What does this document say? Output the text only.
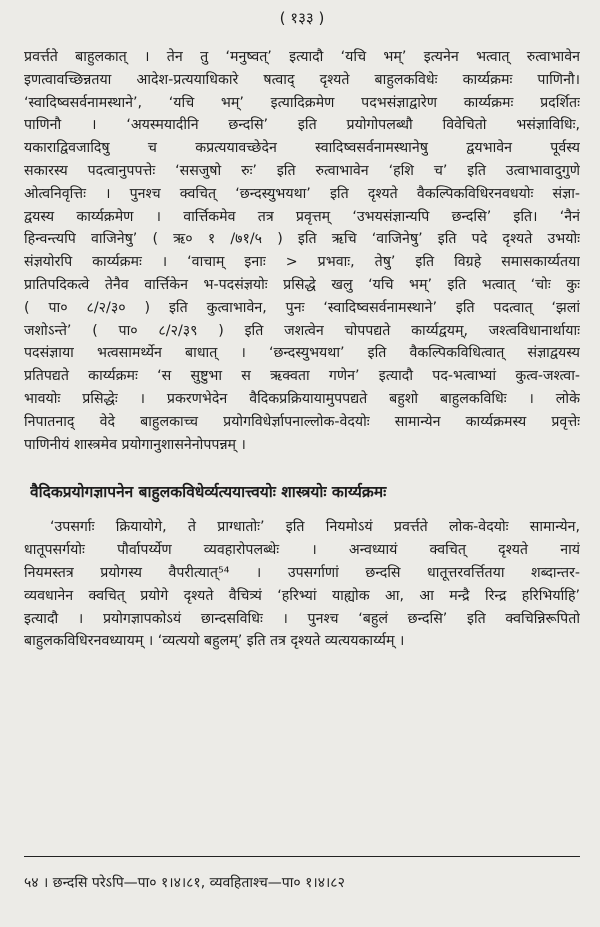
( १३३ )
प्रवर्त्तते बाहुलकात् । तेन तु ‘मनुष्वत्’ इत्यादौ ‘यचि भम्’ इत्यनेन भत्वात् रुत्वाभावेन
इणत्वावच्छिन्नतया आदेश-प्रत्ययाधिकारे षत्वाद् दृश्यते बाहुलकविधेः कार्य्यक्रमः पाणिनौ।
‘स्वादिष्वसर्वनामस्थाने’, ‘यचि भम्’ इत्यादिक्रमेण पदभसंज्ञाद्वारेण कार्य्यक्रमः प्रदर्शितः
पाणिनौ । ‘अयस्मयादीनि छन्दसि’ इति प्रयोगोपलब्धौ विवेचितो भसंज्ञाविधिः,
यकाराद्विवजादिषु च कप्रत्ययावच्छेदेन स्वादिष्वसर्वनामस्थानेषु द्वयभावेन पूर्वस्य
सकारस्य पदत्वानुपपत्तेः ‘ससजुषो रुः’ इति रुत्वाभावेन ‘हशि च’ इति उत्वाभावादुगुणे
ओत्वनिवृत्तिः । पुनश्च क्वचित् ‘छन्दस्युभयथा’ इति दृश्यते वैकल्पिकविधिरनवधयोः संज्ञा-
द्वयस्य कार्य्यक्रमेण । वार्त्तिकमेव तत्र प्रवृत्तम् ‘उभयसंज्ञान्यपि छन्दसि’ इति। ‘नैनं
हिन्वन्त्यपि वाजिनेषु’ ( ऋ० १ /७१/५ ) इति ऋचि ‘वाजिनेषु’ इति पदे दृश्यते उभयोः
संज्ञयोरपि कार्य्यक्रमः । ‘वाचाम् इनाः > प्रभवाः, तेषु’ इति विग्रहे समासकार्य्यतया
प्रातिपदिकत्वे तेनैव वार्त्तिकेन भ-पदसंज्ञयोः प्रसिद्धे खलु ‘यचि भम्’ इति भत्वात् ‘चोः कुः
( पा० ८/२/३० ) इति कुत्वाभावेन, पुनः ‘स्वादिष्वसर्वनामस्थाने’ इति पदत्वात् ‘झलां
जशोऽन्ते’ ( पा० ८/२/३९ ) इति जशत्वेन चोपपद्यते कार्य्यद्वयम्, जश्त्वविधानार्थायाः
पदसंज्ञाया भत्वसामर्थ्येन बाधात् । ‘छन्दस्युभयथा’ इति वैकल्पिकविधित्वात् संज्ञाद्वयस्य
प्रतिपद्यते कार्य्यक्रमः ‘स सुष्टुभा स ऋक्वता गणेन’ इत्यादौ पद-भत्वाभ्यां कुत्व-जश्त्वा-
भावयोः प्रसिद्धेः । प्रकरणभेदेन वैदिकप्रक्रियायामुपपद्यते बहुशो बाहुलकविधिः । लोके
निपातनाद् वेदे बाहुलकाच्च प्रयोगविधेर्ज्ञापनाल्लोक-वेदयोः सामान्येन कार्य्यक्रमस्य प्रवृत्तेः
पाणिनीयं शास्त्रमेव प्रयोगानुशासनेनोपपन्नम् ।
वैदिकप्रयोगज्ञापनेन बाहुलकविधेर्व्यत्ययात्त्वयोः शास्त्रयोः कार्य्यक्रमः
‘उपसर्गाः क्रियायोगे, ते प्राग्धातोः’ इति नियमोऽयं प्रवर्त्तते लोक-वेदयोः सामान्येन,
धातूपसर्गयोः पौर्वापर्य्येण व्यवहारोपलब्धेः । अन्वध्यायं क्वचित् दृश्यते नायं
नियमस्तत्र प्रयोगस्य वैपरीत्यात्⁵⁴ । उपसर्गाणां छन्दसि धातूत्तरवर्त्तितया शब्दान्तर-
व्यवधानेन क्वचित् प्रयोगे दृश्यते वैचित्र्यं ‘हरिभ्यां याह्योक आ, आ मन्द्रै रिन्द्र हरिभिर्याहि’
इत्यादौ । प्रयोगज्ञापकोऽयं छान्दसविधिः । पुनश्च ‘बहुलं छन्दसि’ इति क्वचिन्निरूपितो
बाहुलकविधिरनवध्यायम् । ‘व्यत्ययो बहुलम्’ इति तत्र दृश्यते व्यत्ययकार्य्यम् ।
५४ । छन्दसि परेऽपि—पा० १।४।८१, व्यवहिताश्च—पा० १।४।८२
